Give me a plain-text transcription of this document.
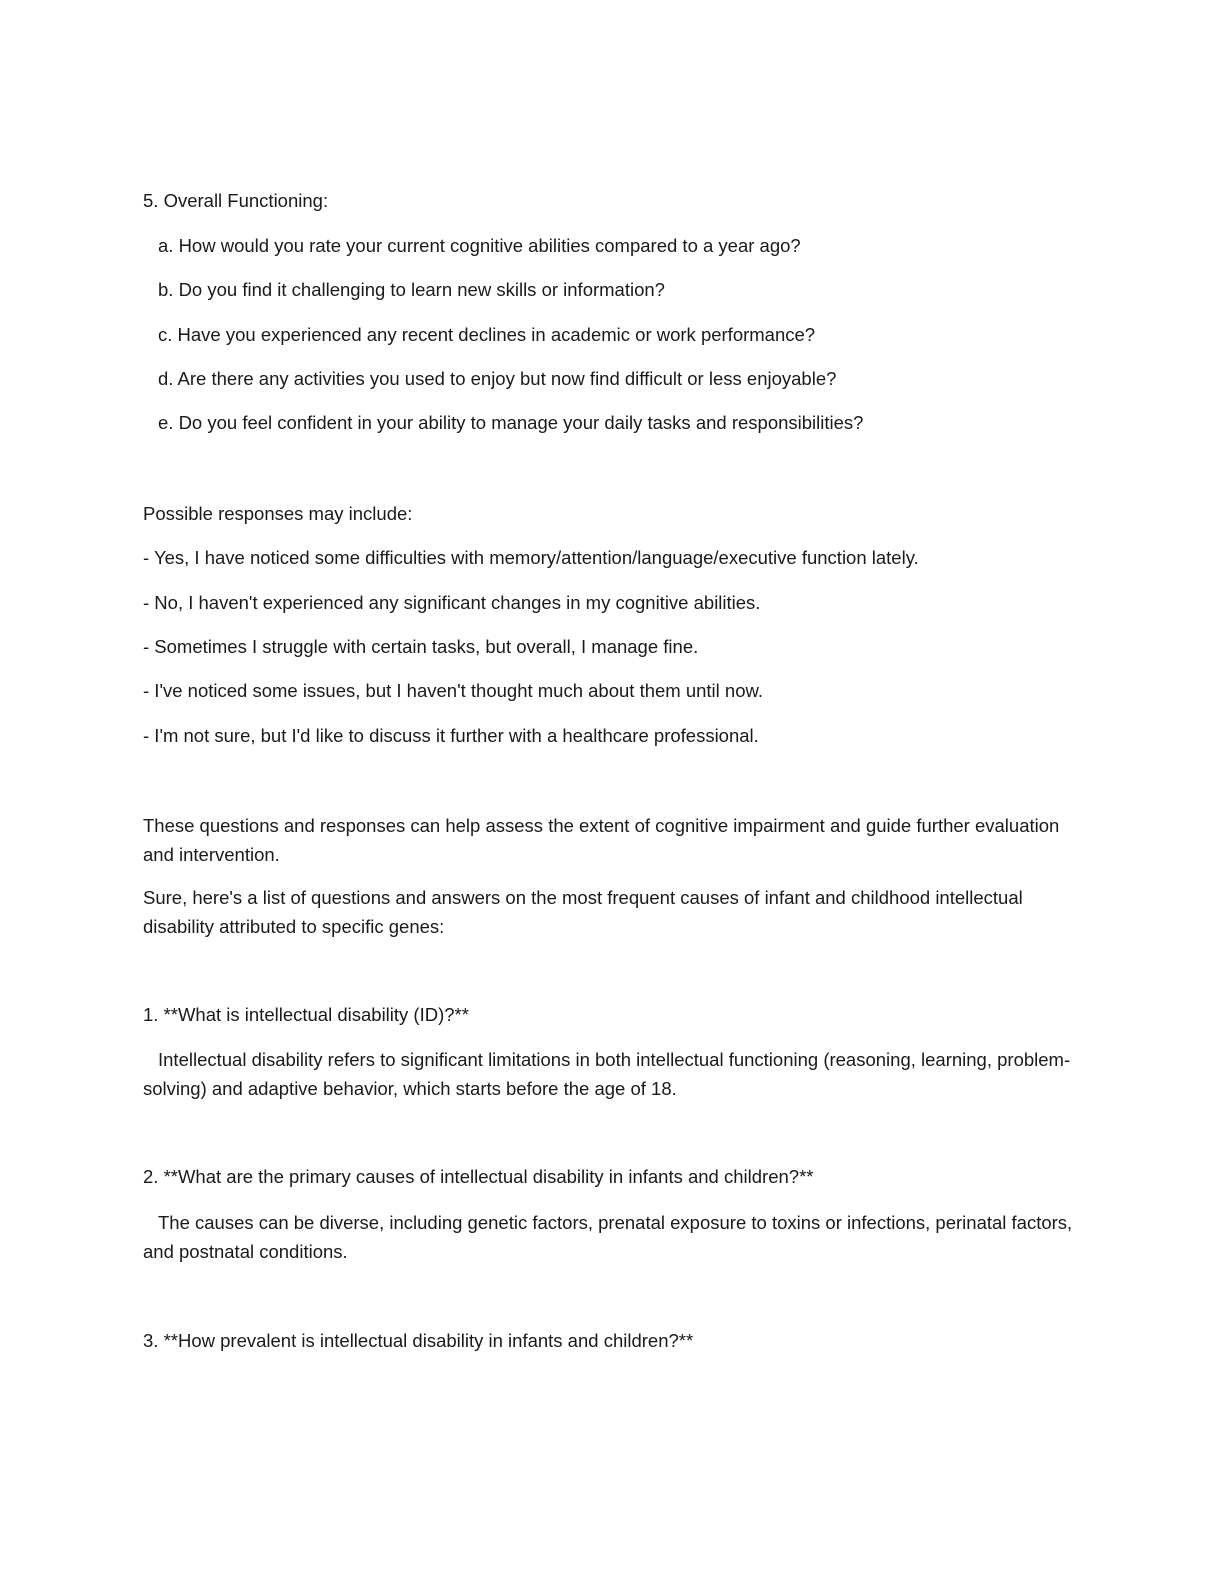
5. Overall Functioning:
a. How would you rate your current cognitive abilities compared to a year ago?
b. Do you find it challenging to learn new skills or information?
c. Have you experienced any recent declines in academic or work performance?
d. Are there any activities you used to enjoy but now find difficult or less enjoyable?
e. Do you feel confident in your ability to manage your daily tasks and responsibilities?
Possible responses may include:
- Yes, I have noticed some difficulties with memory/attention/language/executive function lately.
- No, I haven't experienced any significant changes in my cognitive abilities.
- Sometimes I struggle with certain tasks, but overall, I manage fine.
- I've noticed some issues, but I haven't thought much about them until now.
- I'm not sure, but I'd like to discuss it further with a healthcare professional.
These questions and responses can help assess the extent of cognitive impairment and guide further evaluation and intervention.
Sure, here's a list of questions and answers on the most frequent causes of infant and childhood intellectual disability attributed to specific genes:
1. **What is intellectual disability (ID)?**
Intellectual disability refers to significant limitations in both intellectual functioning (reasoning, learning, problem-solving) and adaptive behavior, which starts before the age of 18.
2. **What are the primary causes of intellectual disability in infants and children?**
The causes can be diverse, including genetic factors, prenatal exposure to toxins or infections, perinatal factors, and postnatal conditions.
3. **How prevalent is intellectual disability in infants and children?**
